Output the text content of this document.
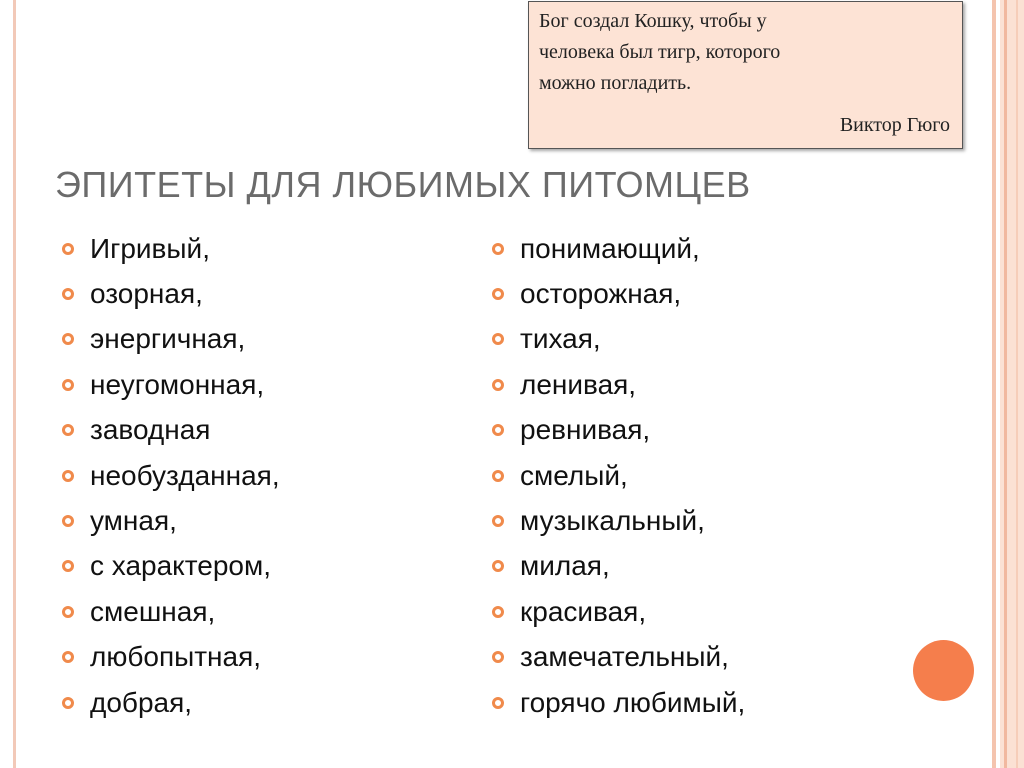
Бог создал Кошку, чтобы у
человека был тигр, которого
можно погладить.

Виктор Гюго
ЭПИТЕТЫ ДЛЯ ЛЮБИМЫХ ПИТОМЦЕВ
Игривый,
озорная,
энергичная,
неугомонная,
заводная
необузданная,
умная,
с характером,
смешная,
любопытная,
добрая,
понимающий,
осторожная,
тихая,
ленивая,
ревнивая,
смелый,
музыкальный,
милая,
красивая,
замечательный,
горячо любимый,
